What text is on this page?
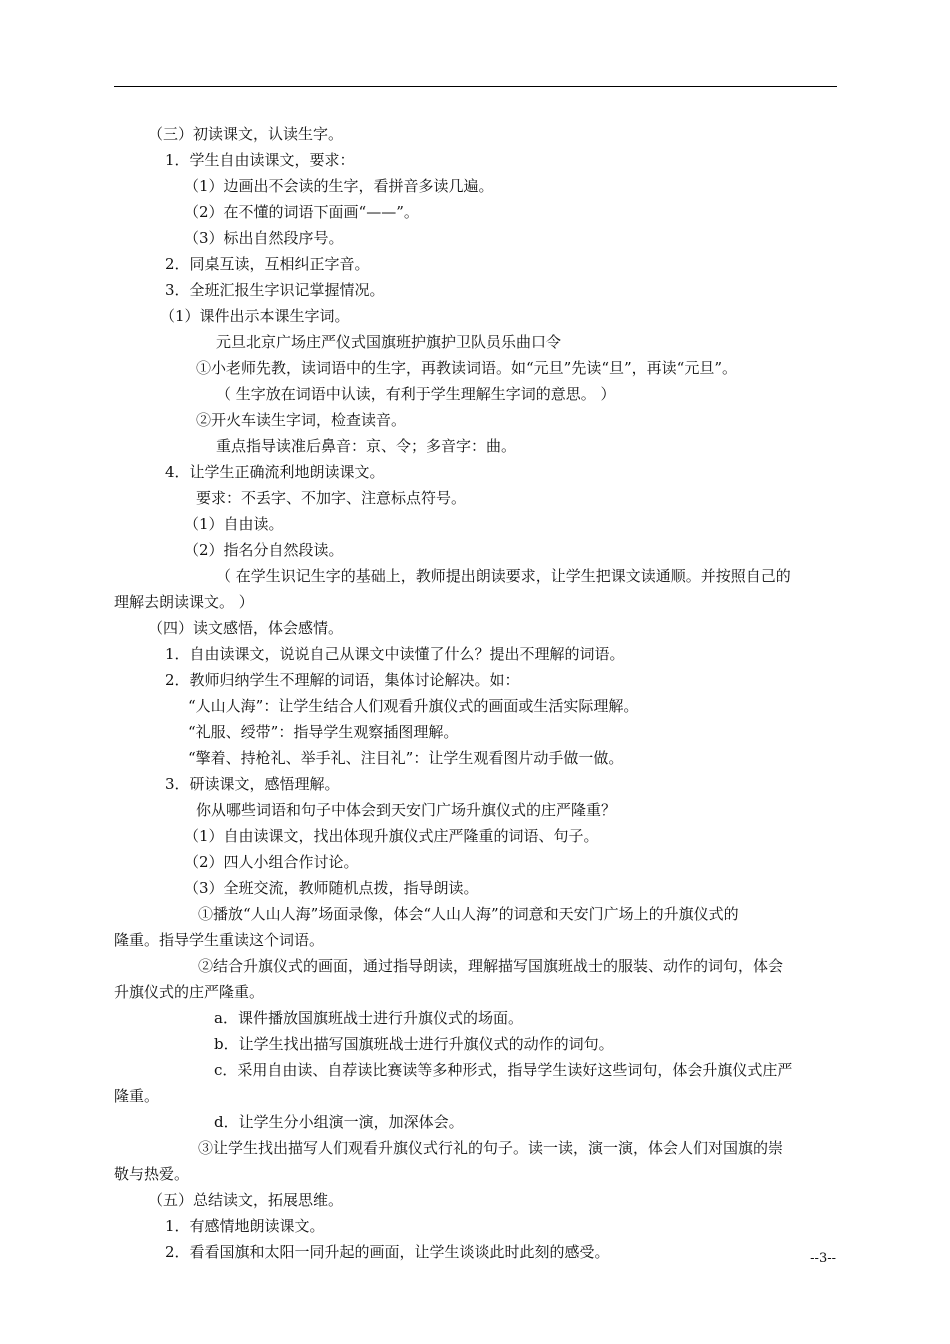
（三）初读课文，认读生字。
1．学生自由读课文，要求：
（1）边画出不会读的生字，看拼音多读几遍。
（2）在不懂的词语下面画“——”。
（3）标出自然段序号。
2．同桌互读，互相纠正字音。
3．全班汇报生字识记掌握情况。
（1）课件出示本课生字词。
元旦北京广场庄严仪式国旗班护旗护卫队员乐曲口令
①小老师先教，读词语中的生字，再教读词语。如“元旦”先读“旦”，再读“元旦”。
（ 生字放在词语中认读，有利于学生理解生字词的意思。 ）
②开火车读生字词，检查读音。
重点指导读准后鼻音：京、令；多音字：曲。
4．让学生正确流利地朗读课文。
要求：不丢字、不加字、注意标点符号。
（1）自由读。
（2）指名分自然段读。
（ 在学生识记生字的基础上，教师提出朗读要求，让学生把课文读通顺。并按照自己的
理解去朗读课文。 ）
（四）读文感悟，体会感情。
1．自由读课文，说说自己从课文中读懂了什么？提出不理解的词语。
2．教师归纳学生不理解的词语，集体讨论解决。如：
“人山人海”：让学生结合人们观看升旗仪式的画面或生活实际理解。
“礼服、绶带”：指导学生观察插图理解。
“擎着、持枪礼、举手礼、注目礼”：让学生观看图片动手做一做。
3．研读课文，感悟理解。
你从哪些词语和句子中体会到天安门广场升旗仪式的庄严隆重？
（1）自由读课文，找出体现升旗仪式庄严隆重的词语、句子。
（2）四人小组合作讨论。
（3）全班交流，教师随机点拨，指导朗读。
①播放“人山人海”场面录像，体会“人山人海”的词意和天安门广场上的升旗仪式的
隆重。指导学生重读这个词语。
②结合升旗仪式的画面，通过指导朗读，理解描写国旗班战士的服装、动作的词句，体会
升旗仪式的庄严隆重。
a．课件播放国旗班战士进行升旗仪式的场面。
b．让学生找出描写国旗班战士进行升旗仪式的动作的词句。
c．采用自由读、自荐读比赛读等多种形式，指导学生读好这些词句，体会升旗仪式庄严
隆重。
d．让学生分小组演一演，加深体会。
③让学生找出描写人们观看升旗仪式行礼的句子。读一读，演一演，体会人们对国旗的崇
敬与热爱。
（五）总结读文，拓展思维。
1．有感情地朗读课文。
2．看看国旗和太阳一同升起的画面，让学生谈谈此时此刻的感受。	--3--
